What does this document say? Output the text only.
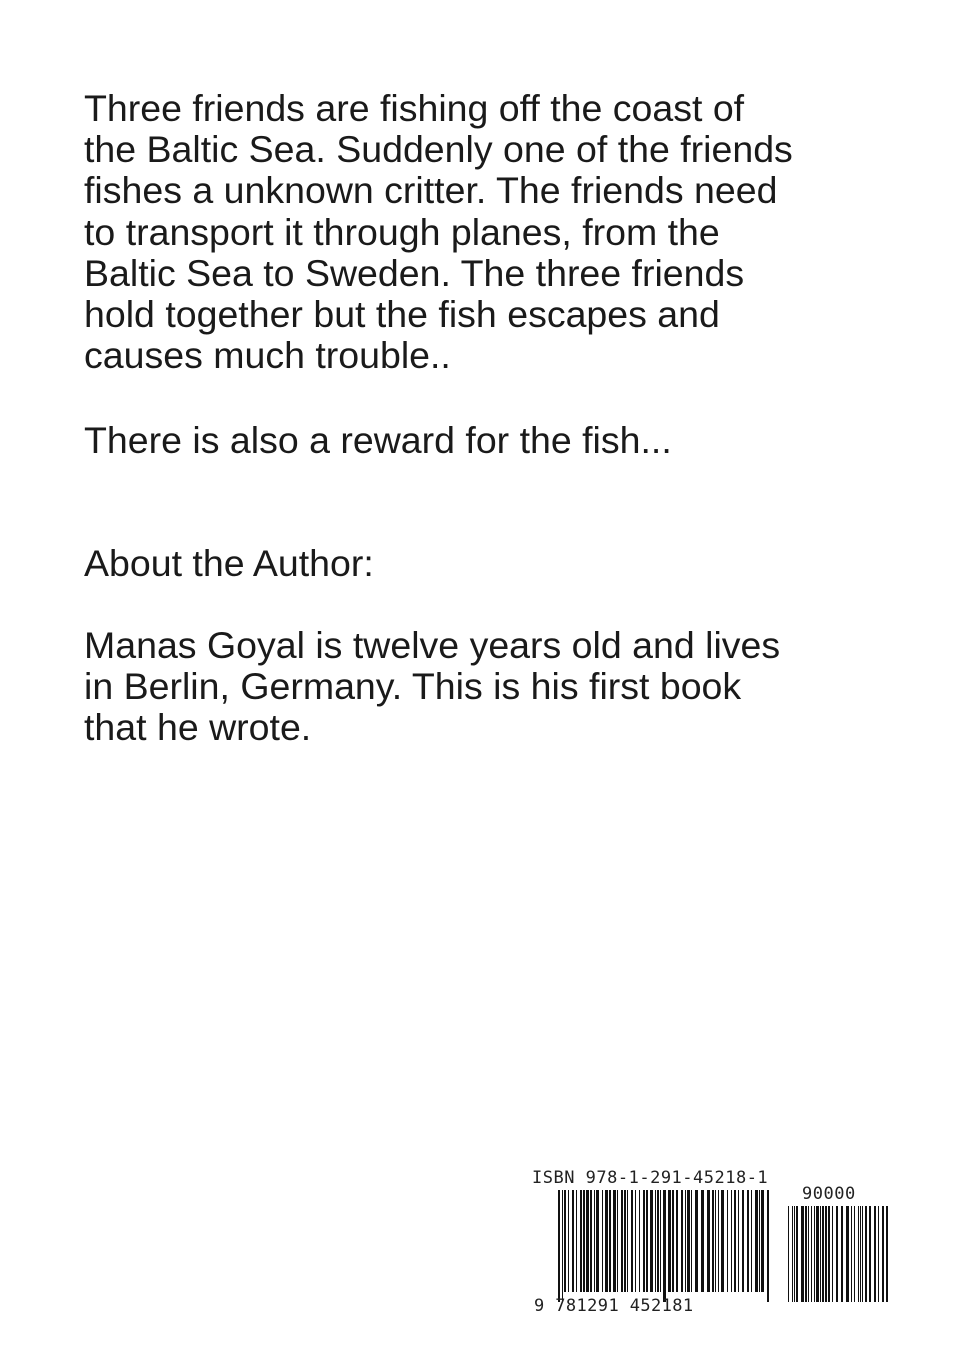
Three friends are fishing off the coast of
the Baltic Sea. Suddenly one of the friends
fishes a unknown critter. The friends need
to transport it through planes, from the
Baltic Sea to Sweden. The three friends
hold together but the fish escapes and
causes much trouble..
There is also a reward for the fish...
About the Author:
Manas Goyal is twelve years old and lives
in Berlin, Germany. This is his first book
that he wrote.
ISBN 978-1-291-45218-1
90000
9 781291 452181
